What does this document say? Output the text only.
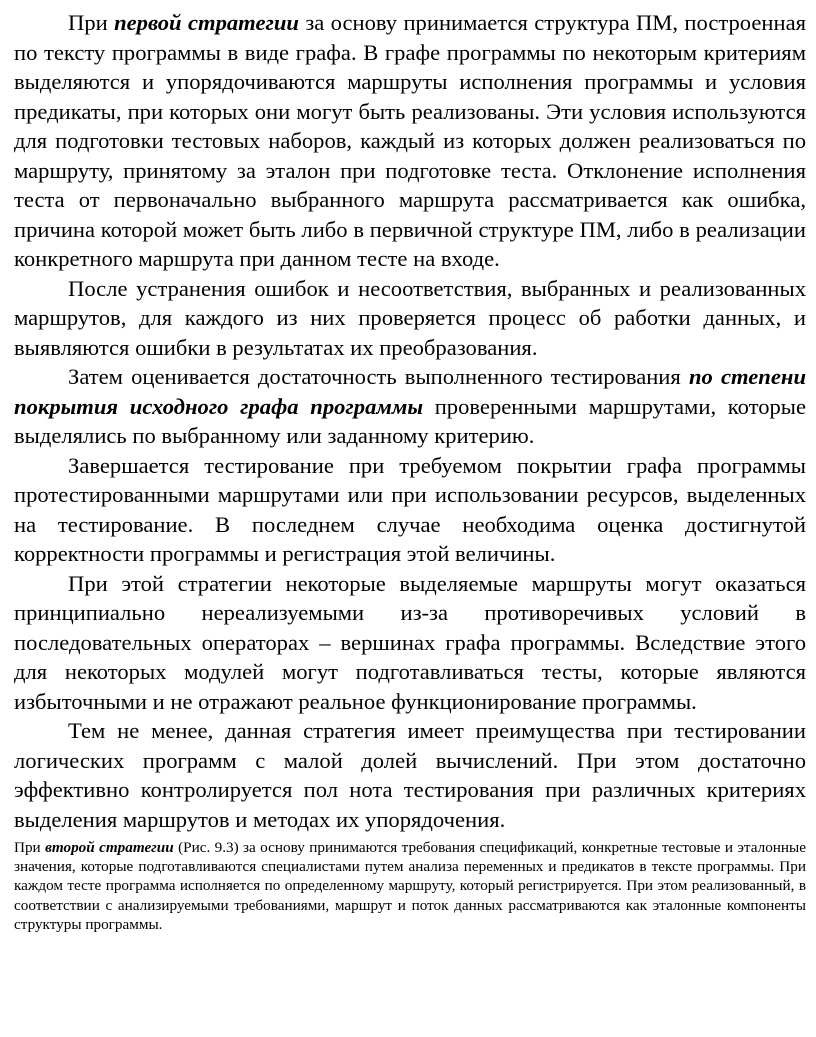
При первой стратегии за основу принимается структура ПМ, построенная по тексту программы в виде графа. В графе программы по некоторым критериям выделяются и упорядочиваются маршруты исполнения программы и условия предикаты, при которых они могут быть реализованы. Эти условия используются для подготовки тестовых наборов, каждый из которых должен реализоваться по маршруту, принятому за эталон при подготовке теста. Отклонение исполнения теста от первоначально выбранного маршрута рассматривается как ошибка, причина которой может быть либо в первичной структуре ПМ, либо в реализации конкретного маршрута при данном тесте на входе.

После устранения ошибок и несоответствия, выбранных и реализованных маршрутов, для каждого из них проверяется процесс об работки данных, и выявляются ошибки в результатах их преобразования.

Затем оценивается достаточность выполненного тестирования по степени покрытия исходного графа программы проверенными маршрутами, которые выделялись по выбранному или заданному критерию.

Завершается тестирование при требуемом покрытии графа программы протестированными маршрутами или при использовании ресурсов, выделенных на тестирование. В последнем случае необходима оценка достигнутой корректности программы и регистрация этой величины.

При этой стратегии некоторые выделяемые маршруты могут оказаться принципиально нереализуемыми из-за противоречивых условий в последовательных операторах – вершинах графа программы. Вследствие этого для некоторых модулей могут подготавливаться тесты, которые являются избыточными и не отражают реальное функционирование программы.

Тем не менее, данная стратегия имеет преимущества при тестировании логических программ с малой долей вычислений. При этом достаточно эффективно контролируется пол нота тестирования при различных критериях выделения маршрутов и методах их упорядочения.

При второй стратегии (Рис. 9.3) за основу принимаются требования спецификаций, конкретные тестовые и эталонные значения, которые подготавливаются специалистами путем анализа переменных и предикатов в тексте программы. При каждом тесте программа исполняется по определенному маршруту, который регистрируется. При этом реализованный, в соответствии с анализируемыми требованиями, маршрут и поток данных рассматриваются как эталонные компоненты структуры программы.
